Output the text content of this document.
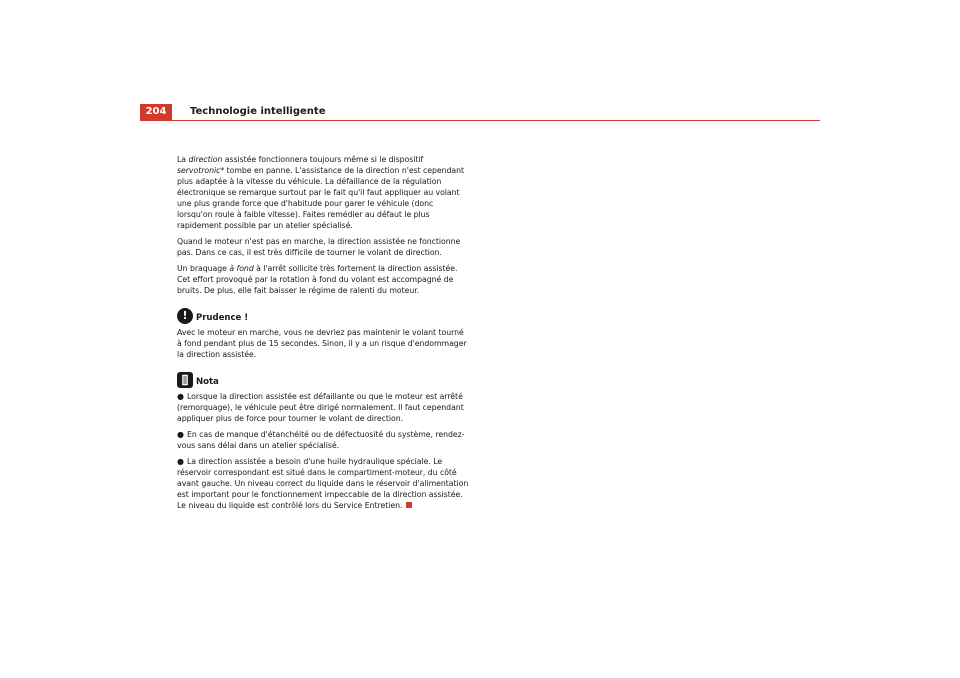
204	Technologie intelligente

La direction assistée fonctionnera toujours même si le dispositif servotronic* tombe en panne. L'assistance de la direction n'est cependant plus adaptée à la vitesse du véhicule. La défaillance de la régulation électronique se remarque surtout par le fait qu'il faut appliquer au volant une plus grande force que d'habitude pour garer le véhicule (donc lorsqu'on roule à faible vitesse). Faites remédier au défaut le plus rapidement possible par un atelier spécialisé.

Quand le moteur n'est pas en marche, la direction assistée ne fonctionne pas. Dans ce cas, il est très difficile de tourner le volant de direction.

Un braquage à fond à l'arrêt sollicite très fortement la direction assistée. Cet effort provoqué par la rotation à fond du volant est accompagné de bruits. De plus, elle fait baisser le régime de ralenti du moteur.

! Prudence !

Avec le moteur en marche, vous ne devriez pas maintenir le volant tourné à fond pendant plus de 15 secondes. Sinon, il y a un risque d'endommager la direction assistée.

Nota

● Lorsque la direction assistée est défaillante ou que le moteur est arrêté (remorquage), le véhicule peut être dirigé normalement. Il faut cependant appliquer plus de force pour tourner le volant de direction.

● En cas de manque d'étanchéité ou de défectuosité du système, rendez-vous sans délai dans un atelier spécialisé.

● La direction assistée a besoin d'une huile hydraulique spéciale. Le réservoir correspondant est situé dans le compartiment-moteur, du côté avant gauche. Un niveau correct du liquide dans le réservoir d'alimentation est important pour le fonctionnement impeccable de la direction assistée. Le niveau du liquide est contrôlé lors du Service Entretien.
